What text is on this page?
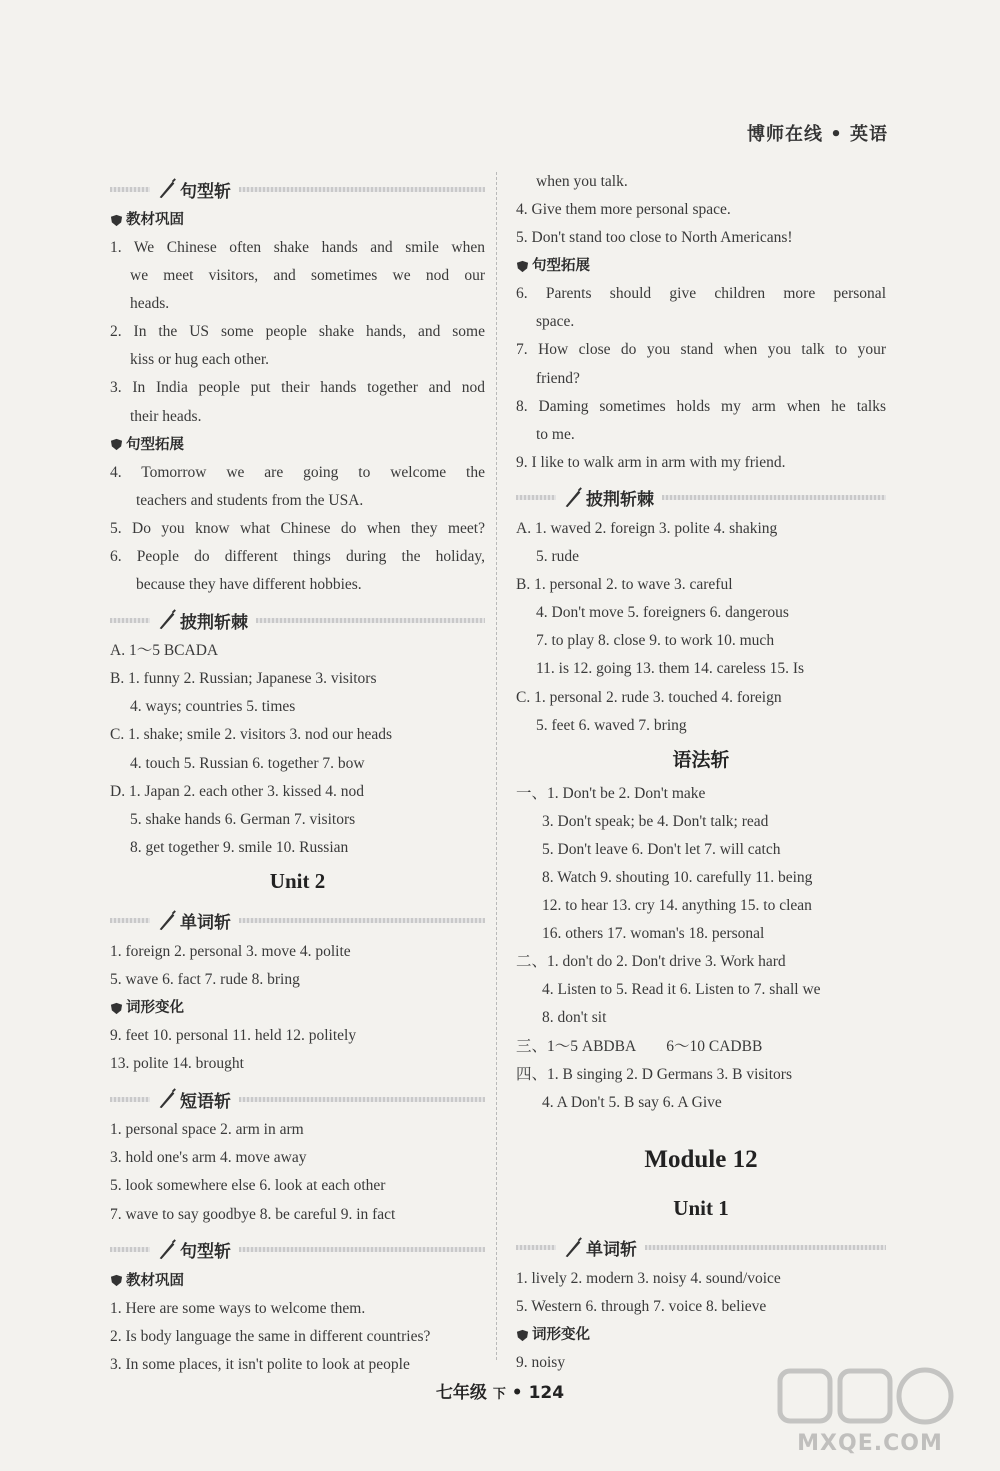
博师在线 • 英语
句型斩
教材巩固
1. We Chinese often shake hands and smile when
we meet visitors, and sometimes we nod our
heads.
2. In the US some people shake hands, and some
kiss or hug each other.
3. In India people put their hands together and nod
their heads.
句型拓展
4. Tomorrow we are going to welcome the
teachers and students from the USA.
5. Do you know what Chinese do when they meet?
6. People do different things during the holiday,
because they have different hobbies.
披荆斩棘
A. 1～5 BCADA
B. 1. funny 2. Russian; Japanese 3. visitors
4. ways; countries 5. times
C. 1. shake; smile 2. visitors 3. nod our heads
4. touch 5. Russian 6. together 7. bow
D. 1. Japan 2. each other 3. kissed 4. nod
5. shake hands 6. German 7. visitors
8. get together 9. smile 10. Russian
Unit 2
单词斩
1. foreign 2. personal 3. move 4. polite
5. wave 6. fact 7. rude 8. bring
词形变化
9. feet 10. personal 11. held 12. politely
13. polite 14. brought
短语斩
1. personal space 2. arm in arm
3. hold one's arm 4. move away
5. look somewhere else 6. look at each other
7. wave to say goodbye 8. be careful 9. in fact
句型斩
教材巩固
1. Here are some ways to welcome them.
2. Is body language the same in different countries?
3. In some places, it isn't polite to look at people
when you talk.
4. Give them more personal space.
5. Don't stand too close to North Americans!
句型拓展
6. Parents should give children more personal
space.
7. How close do you stand when you talk to your
friend?
8. Daming sometimes holds my arm when he talks
to me.
9. I like to walk arm in arm with my friend.
披荆斩棘
A. 1. waved 2. foreign 3. polite 4. shaking
5. rude
B. 1. personal 2. to wave 3. careful
4. Don't move 5. foreigners 6. dangerous
7. to play 8. close 9. to work 10. much
11. is 12. going 13. them 14. careless 15. Is
C. 1. personal 2. rude 3. touched 4. foreign
5. feet 6. waved 7. bring
语法斩
一、1. Don't be 2. Don't make
3. Don't speak; be 4. Don't talk; read
5. Don't leave 6. Don't let 7. will catch
8. Watch 9. shouting 10. carefully 11. being
12. to hear 13. cry 14. anything 15. to clean
16. others 17. woman's 18. personal
二、1. don't do 2. Don't drive 3. Work hard
4. Listen to 5. Read it 6. Listen to 7. shall we
8. don't sit
三、1～5 ABDBA        6～10 CADBB
四、1. B singing 2. D Germans 3. B visitors
4. A Don't 5. B say 6. A Give
Module 12
Unit 1
单词斩
1. lively 2. modern 3. noisy 4. sound/voice
5. Western 6. through 7. voice 8. believe
词形变化
9. noisy
七年级 下 • 124
MXQE.COM
